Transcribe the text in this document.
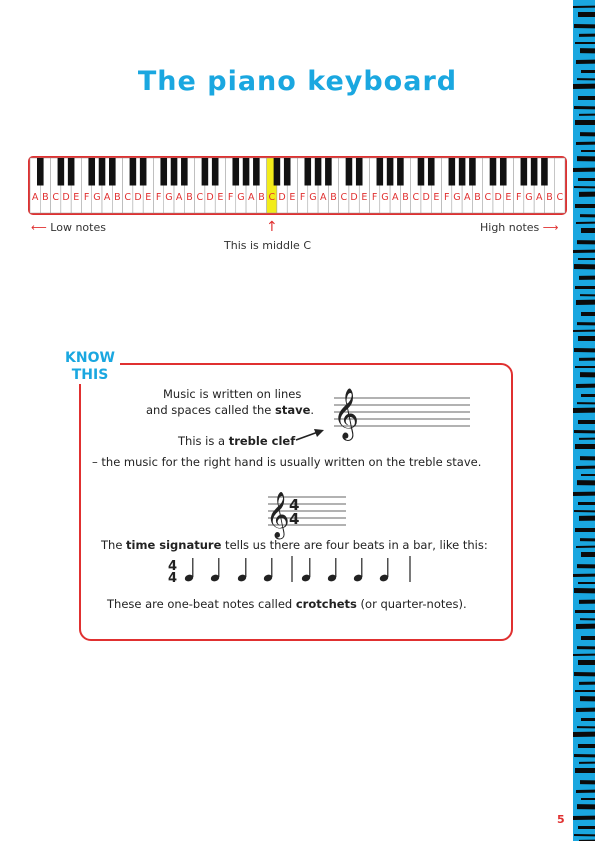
The piano keyboard
A B C D E F G A B C D E F G A B C D E F G A B C D E F G A B C D E F G A B C D E F G A B C D E F G A B C
⟵ Low notes	High notes ⟶
↑
This is middle C
KNOW
THIS
Music is written on lines
and spaces called the stave.
This is a treble clef
– the music for the right hand is usually written on the treble stave.
The time signature tells us there are four beats in a bar, like this:
These are one-beat notes called crotchets (or quarter-notes).
𝄞
𝄞 4
4
4
4
5
